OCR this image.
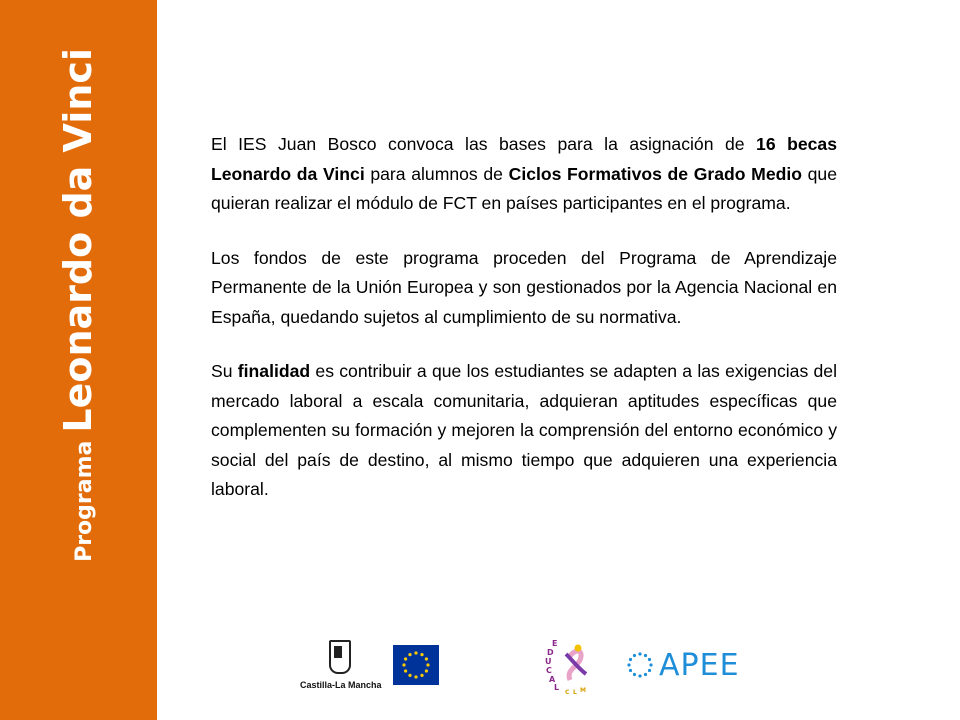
Programa
Leonardo da Vinci	El IES Juan Bosco convoca las bases para la asignación de 16 becas Leonardo da Vinci para alumnos de Ciclos Formativos de Grado Medio que quieran realizar el módulo de FCT en países participantes en el programa.

Los fondos de este programa proceden del Programa de Aprendizaje Permanente de la Unión Europea y son gestionados por la Agencia Nacional en España, quedando sujetos al cumplimiento de su normativa.

Su finalidad es contribuir a que los estudiantes se adapten a las exigencias del mercado laboral a escala comunitaria, adquieran aptitudes específicas que complementen su formación y mejoren la comprensión del entorno económico y social del país de destino, al mismo tiempo que adquieren una experiencia laboral.

Castilla-La Mancha
E
D
U
C
A
L
C L M
APEE
